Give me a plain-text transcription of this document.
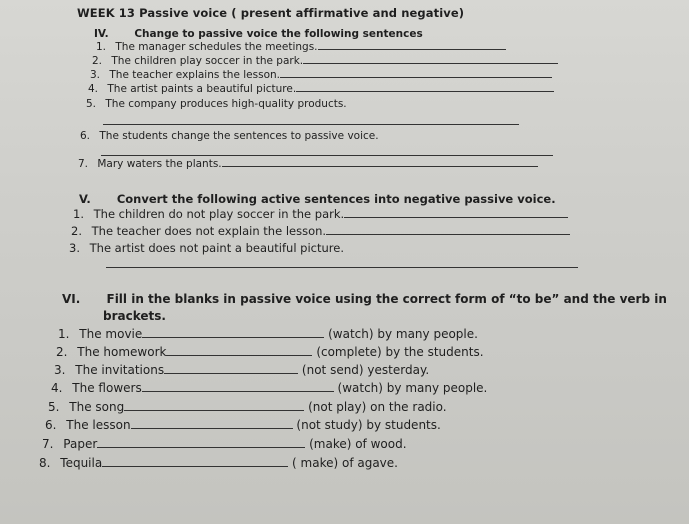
WEEK 13 Passive voice ( present affirmative and negative)
IV. Change to passive voice the following sentences
1. The manager schedules the meetings.
2. The children play soccer in the park.
3. The teacher explains the lesson.
4. The artist paints a beautiful picture.
5. The company produces high-quality products.
6. The students change the sentences to passive voice.
7. Mary waters the plants.
V. Convert the following active sentences into negative passive voice.
1. The children do not play soccer in the park.
2. The teacher does not explain the lesson.
3. The artist does not paint a beautiful picture.
VI. Fill in the blanks in passive voice using the correct form of “to be” and the verb in
brackets.
1. The movie	(watch) by many people.
2. The homework	(complete) by the students.
3. The invitations	(not send) yesterday.
4. The flowers	(watch) by many people.
5. The song	(not play) on the radio.
6. The lesson	(not study) by students.
7. Paper	(make) of wood.
8. Tequila	( make) of agave.
